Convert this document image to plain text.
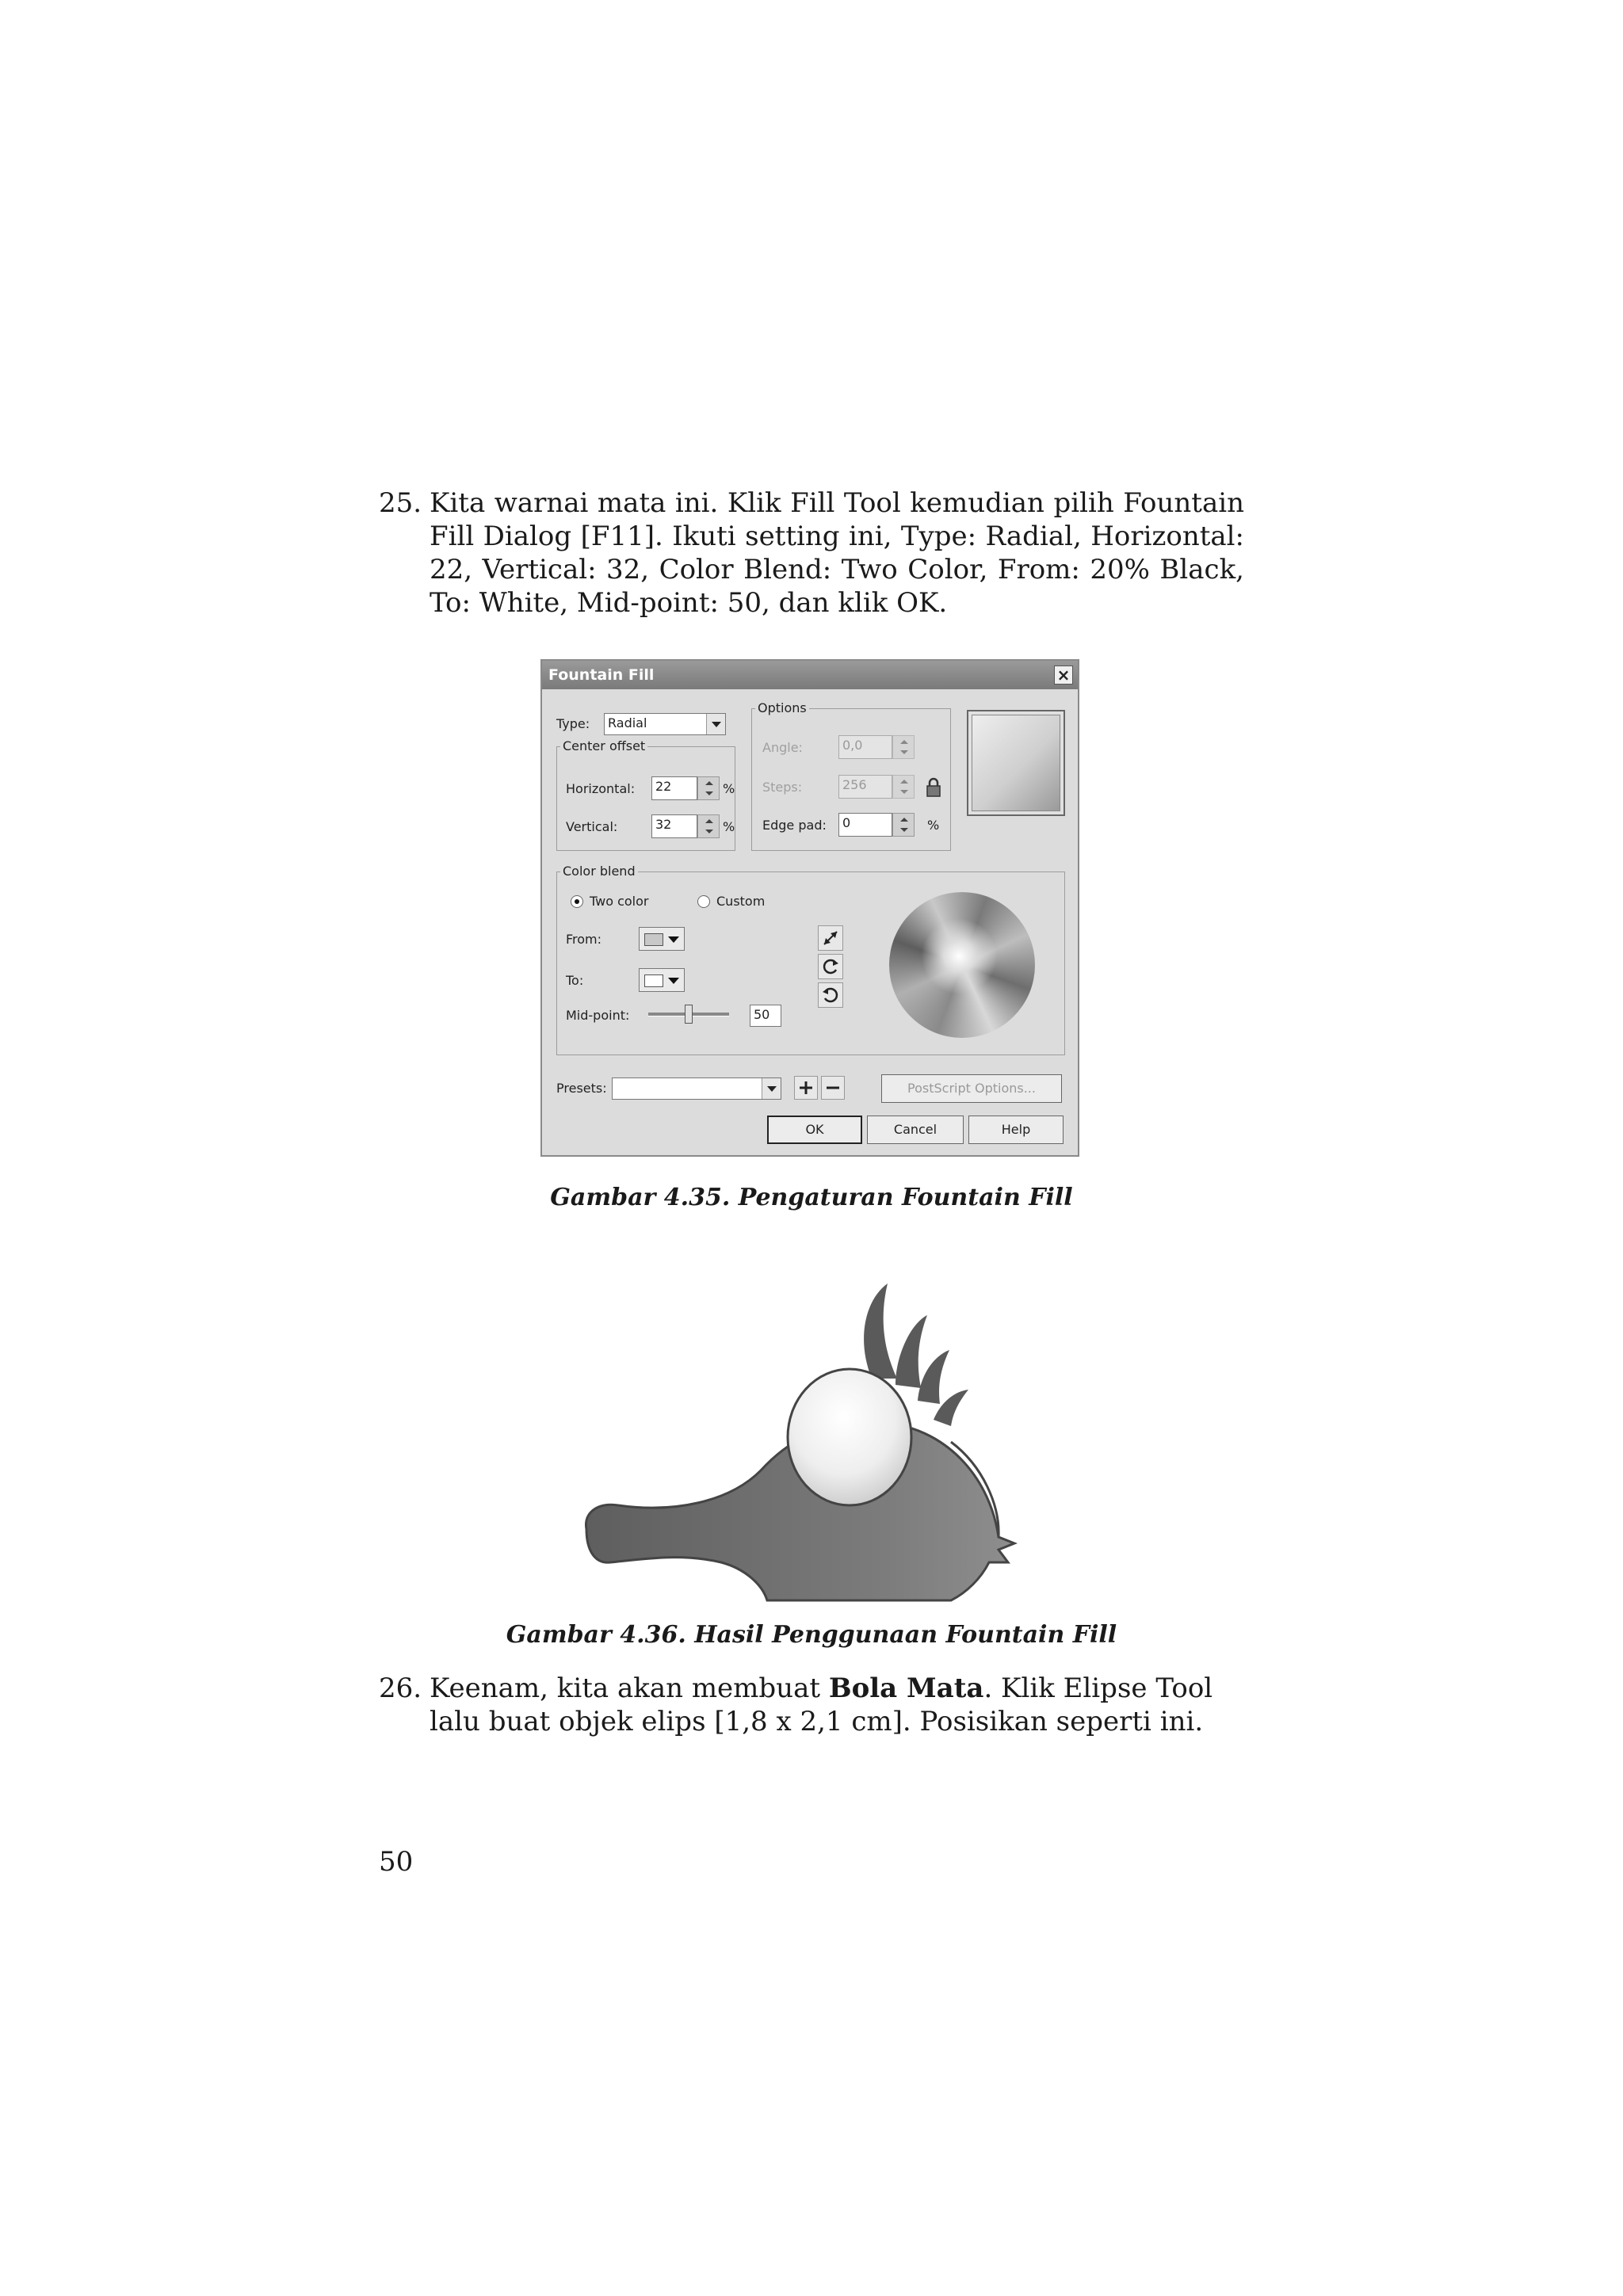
25. Kita warnai mata ini. Klik Fill Tool kemudian pilih Fountain Fill Dialog [F11]. Ikuti setting ini, Type: Radial, Horizontal: 22, Vertical: 32, Color Blend: Two Color, From: 20% Black, To: White, Mid-point: 50, dan klik OK.
Fountain Fill	×
Type:	Radial
Center offset
Horizontal:	22	%
Vertical:	32	%
Options
Angle:	0,0
Steps:	256
Edge pad:	0	%
Color blend
Two color	Custom
From:
To:
Mid-point:	50
Presets:	PostScript Options...
OK	Cancel	Help
Gambar 4.35. Pengaturan Fountain Fill
Gambar 4.36. Hasil Penggunaan Fountain Fill
26. Keenam, kita akan membuat Bola Mata. Klik Elipse Tool lalu buat objek elips [1,8 x 2,1 cm]. Posisikan seperti ini.
50
